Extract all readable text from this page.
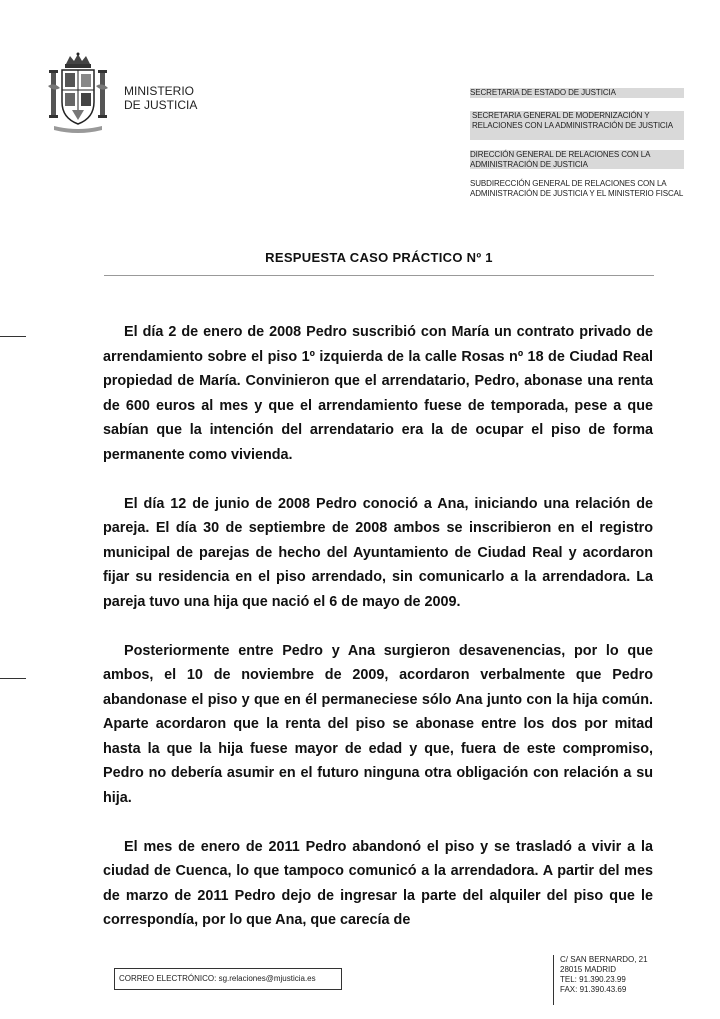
MINISTERIO
DE JUSTICIA
SECRETARIA DE ESTADO DE JUSTICIA
SECRETARIA GENERAL DE MODERNIZACIÓN Y RELACIONES CON LA ADMINISTRACIÓN DE JUSTICIA
DIRECCIÓN GENERAL DE RELACIONES CON LA ADMINISTRACIÓN DE JUSTICIA
SUBDIRECCIÓN GENERAL DE RELACIONES CON LA ADMINISTRACIÓN DE JUSTICIA Y EL MINISTERIO FISCAL
RESPUESTA CASO PRÁCTICO Nº 1

El día 2 de enero de 2008 Pedro suscribió con María un contrato privado de arrendamiento sobre el piso 1º izquierda de la calle Rosas nº 18 de Ciudad Real propiedad de María. Convinieron que el arrendatario, Pedro, abonase una renta de 600 euros al mes y que el arrendamiento fuese de temporada, pese a que sabían que la intención del arrendatario era la de ocupar el piso de forma permanente como vivienda.

El día 12 de junio de 2008 Pedro conoció a Ana, iniciando una relación de pareja. El día 30 de septiembre de 2008 ambos se inscribieron en el registro municipal de parejas de hecho del Ayuntamiento de Ciudad Real y acordaron fijar su residencia en el piso arrendado, sin comunicarlo a la arrendadora. La pareja tuvo una hija que nació el 6 de mayo de 2009.

Posteriormente entre Pedro y Ana surgieron desavenencias, por lo que ambos, el 10 de noviembre de 2009, acordaron verbalmente que Pedro abandonase el piso y que en él permaneciese sólo Ana junto con la hija común. Aparte acordaron que la renta del piso se abonase entre los dos por mitad hasta la que la hija fuese mayor de edad y que, fuera de este compromiso, Pedro no debería asumir en el futuro ninguna otra obligación con relación a su hija.

El mes de enero de 2011 Pedro abandonó el piso y se trasladó a vivir a la ciudad de Cuenca, lo que tampoco comunicó a la arrendadora. A partir del mes de marzo de 2011 Pedro dejo de ingresar la parte del alquiler del piso que le correspondía, por lo que Ana, que carecía de

CORREO ELECTRÓNICO: sg.relaciones@mjusticia.es
C/ SAN BERNARDO, 21
28015 MADRID
TEL: 91.390.23.99
FAX: 91.390.43.69
